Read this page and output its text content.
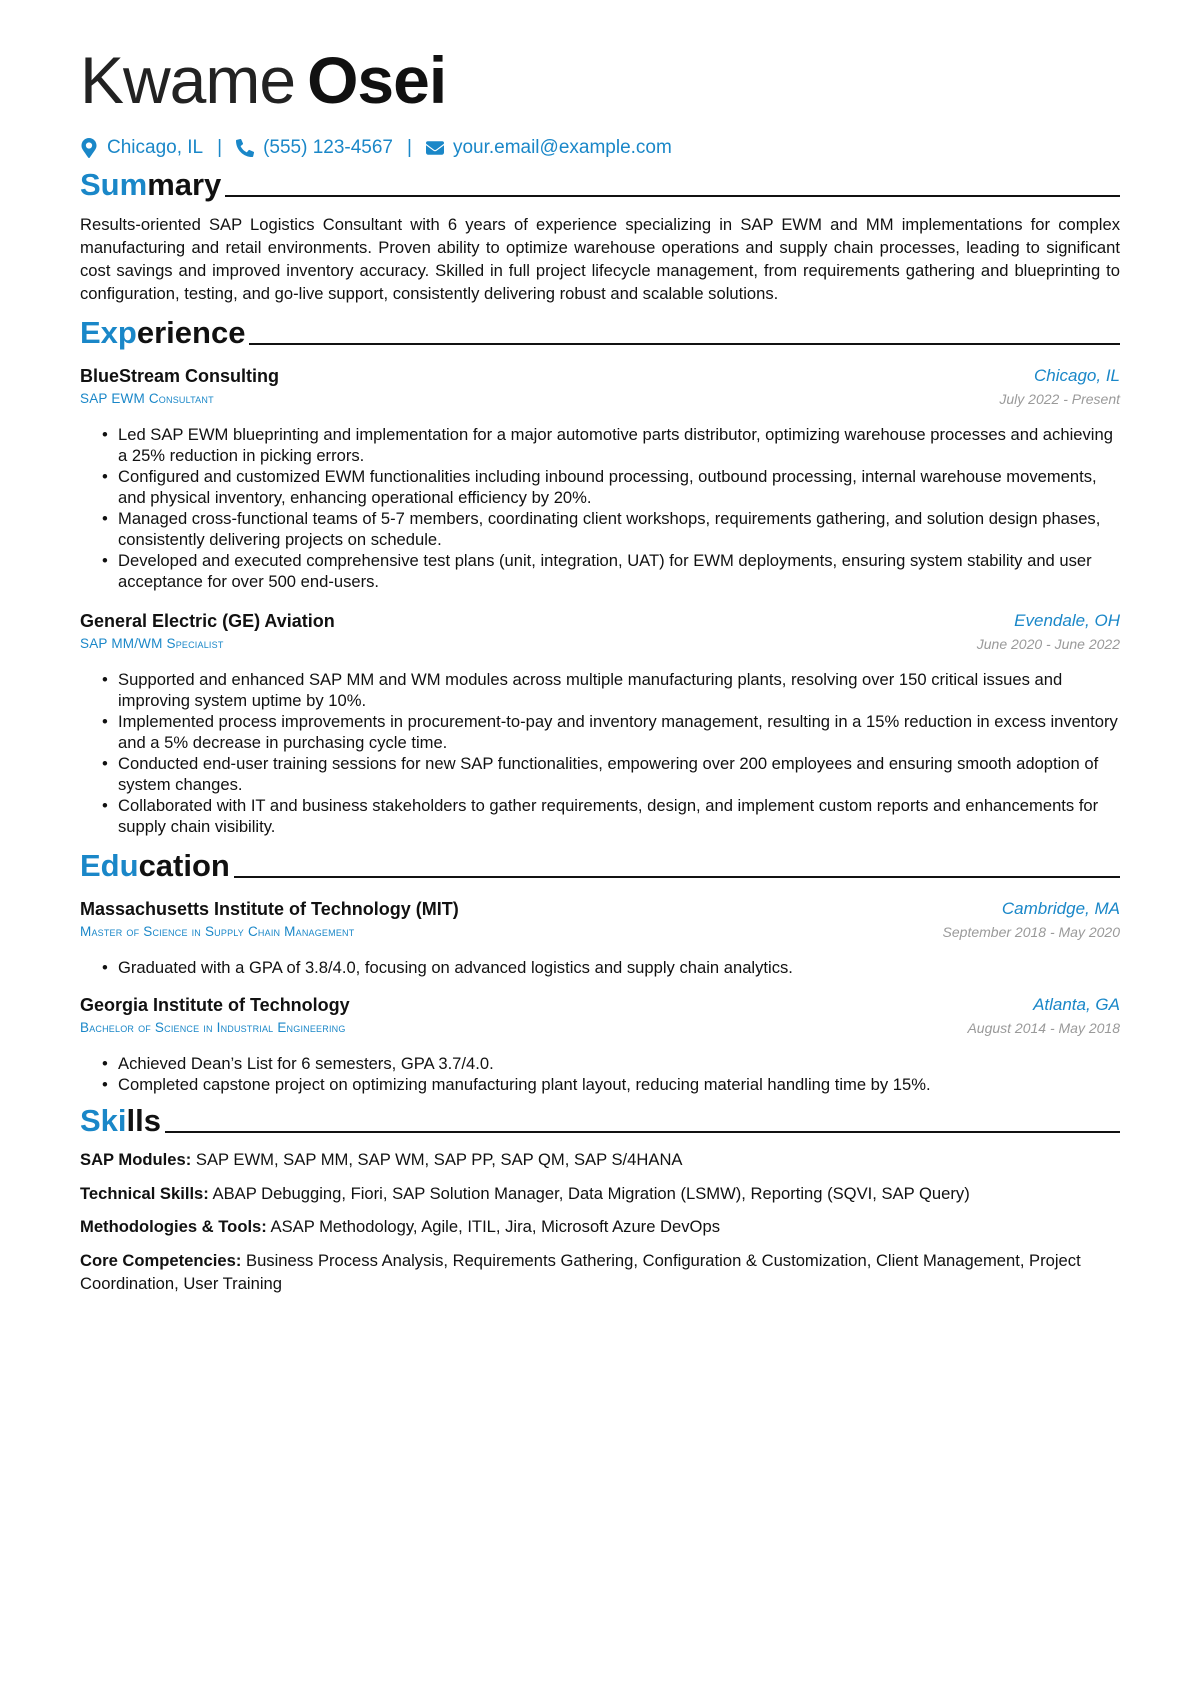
Kwame Osei
Chicago, IL | (555) 123-4567 | your.email@example.com
Summary
Results-oriented SAP Logistics Consultant with 6 years of experience specializing in SAP EWM and MM implementations for complex manufacturing and retail environments. Proven ability to optimize warehouse operations and supply chain processes, leading to significant cost savings and improved inventory accuracy. Skilled in full project lifecycle management, from requirements gathering and blueprinting to configuration, testing, and go-live support, consistently delivering robust and scalable solutions.
Experience
BlueStream Consulting	Chicago, IL
SAP EWM Consultant	July 2022 - Present
• Led SAP EWM blueprinting and implementation for a major automotive parts distributor, optimizing warehouse processes and achieving a 25% reduction in picking errors.
• Configured and customized EWM functionalities including inbound processing, outbound processing, internal warehouse movements, and physical inventory, enhancing operational efficiency by 20%.
• Managed cross-functional teams of 5-7 members, coordinating client workshops, requirements gathering, and solution design phases, consistently delivering projects on schedule.
• Developed and executed comprehensive test plans (unit, integration, UAT) for EWM deployments, ensuring system stability and user acceptance for over 500 end-users.
General Electric (GE) Aviation	Evendale, OH
SAP MM/WM Specialist	June 2020 - June 2022
• Supported and enhanced SAP MM and WM modules across multiple manufacturing plants, resolving over 150 critical issues and improving system uptime by 10%.
• Implemented process improvements in procurement-to-pay and inventory management, resulting in a 15% reduction in excess inventory and a 5% decrease in purchasing cycle time.
• Conducted end-user training sessions for new SAP functionalities, empowering over 200 employees and ensuring smooth adoption of system changes.
• Collaborated with IT and business stakeholders to gather requirements, design, and implement custom reports and enhancements for supply chain visibility.
Education
Massachusetts Institute of Technology (MIT)	Cambridge, MA
Master of Science in Supply Chain Management	September 2018 - May 2020
• Graduated with a GPA of 3.8/4.0, focusing on advanced logistics and supply chain analytics.
Georgia Institute of Technology	Atlanta, GA
Bachelor of Science in Industrial Engineering	August 2014 - May 2018
• Achieved Dean’s List for 6 semesters, GPA 3.7/4.0.
• Completed capstone project on optimizing manufacturing plant layout, reducing material handling time by 15%.
Skills
SAP Modules: SAP EWM, SAP MM, SAP WM, SAP PP, SAP QM, SAP S/4HANA
Technical Skills: ABAP Debugging, Fiori, SAP Solution Manager, Data Migration (LSMW), Reporting (SQVI, SAP Query)
Methodologies & Tools: ASAP Methodology, Agile, ITIL, Jira, Microsoft Azure DevOps
Core Competencies: Business Process Analysis, Requirements Gathering, Configuration & Customization, Client Management, Project Coordination, User Training
